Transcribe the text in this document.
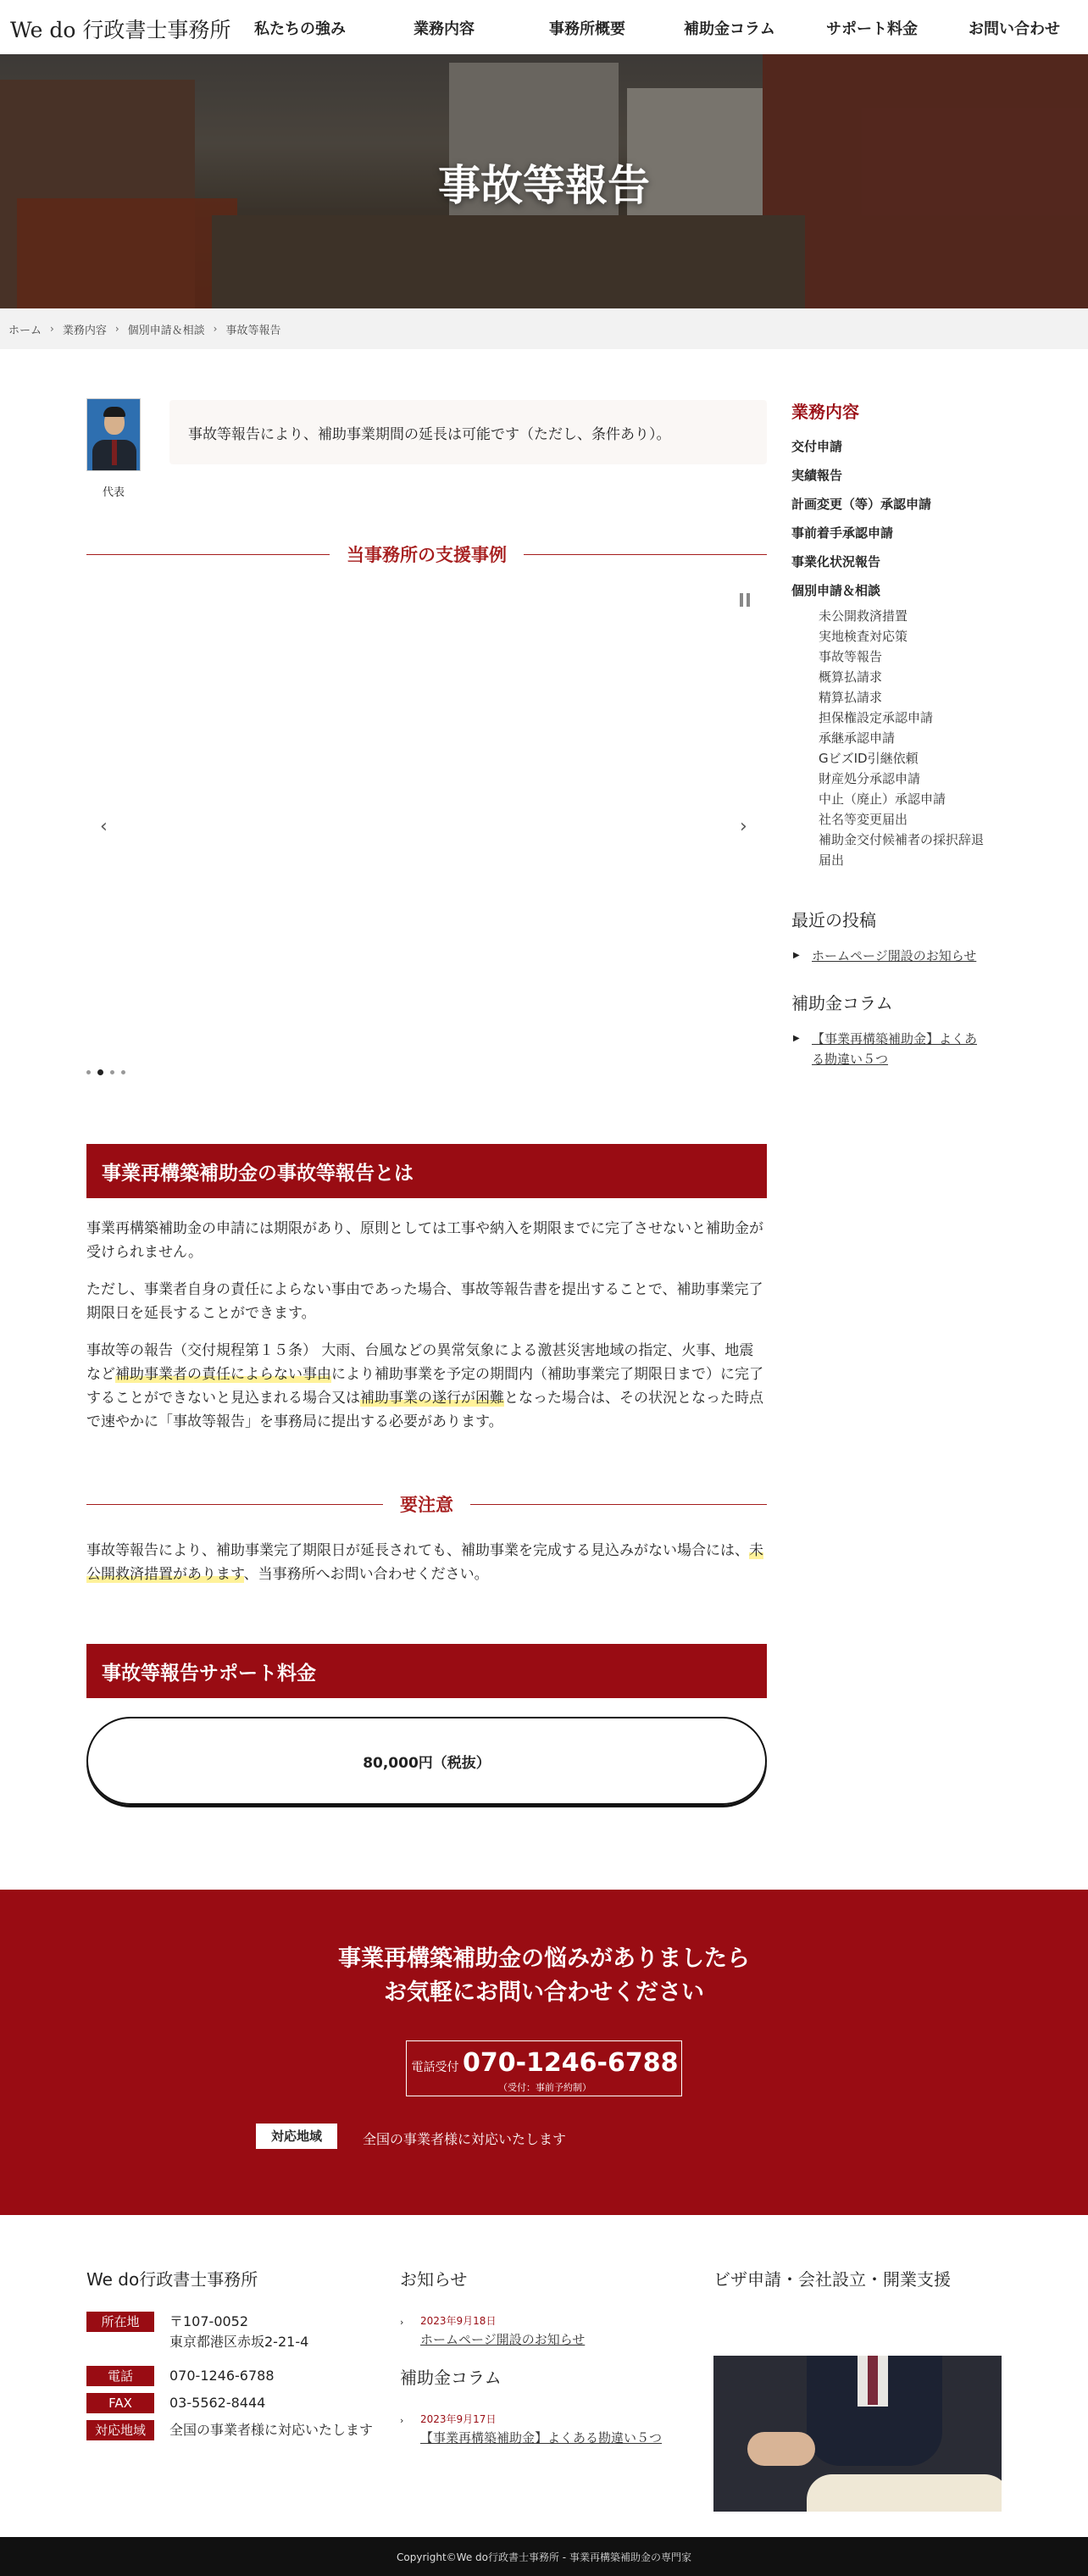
We do 行政書士事務所 私たちの強み	業務内容	事務所概要	補助金コラム	サポート料金	お問い合わせ
事故等報告
ホーム › 業務内容 › 個別申請＆相談 › 事故等報告
代表
事故等報告により、補助事業期間の延長は可能です（ただし、条件あり）。
当事務所の支援事例
‹	›
事業再構築補助金の事故等報告とは

事業再構築補助金の申請には期限があり、原則としては工事や納入を期限までに完了させないと補助金が受けられません。

ただし、事業者自身の責任によらない事由であった場合、事故等報告書を提出することで、補助事業完了期限日を延長することができます。

事故等の報告（交付規程第１５条） 大雨、台風などの異常気象による激甚災害地域の指定、火事、地震など補助事業者の責任によらない事由により補助事業を予定の期間内（補助事業完了期限日まで）に完了することができないと見込まれる場合又は補助事業の遂行が困難となった場合は、その状況となった時点で速やかに「事故等報告」を事務局に提出する必要があります。

要注意

事故等報告により、補助事業完了期限日が延長されても、補助事業を完成する見込みがない場合には、未公開救済措置があります、当事務所へお問い合わせください。

事故等報告サポート料金
80,000円（税抜）
業務内容
交付申請
実績報告
計画変更（等）承認申請
事前着手承認申請
事業化状況報告
個別申請＆相談
未公開救済措置
実地検査対応策
事故等報告
概算払請求
精算払請求
担保権設定承認申請
承継承認申請
GビズID引継依頼
財産処分承認申請
中止（廃止）承認申請
社名等変更届出
補助金交付候補者の採択辞退
届出
最近の投稿
▶ ホームページ開設のお知らせ
補助金コラム
▶ 【事業再構築補助金】よくあ
る勘違い５つ
事業再構築補助金の悩みがありましたら
お気軽にお問い合わせください
電話受付 070-1246-6788
（受付：事前予約制）
対応地域	全国の事業者様に対応いたします
We do行政書士事務所
所在地	〒107-0052
東京都港区赤坂2-21-4
電話	070-1246-6788
FAX	03-5562-8444
対応地域	全国の事業者様に対応いたします
お知らせ
› 2023年9月18日
ホームページ開設のお知らせ
補助金コラム
› 2023年9月17日
【事業再構築補助金】よくある勘違い５つ
ビザ申請・会社設立・開業支援
Copyright©We do行政書士事務所 - 事業再構築補助金の専門家
